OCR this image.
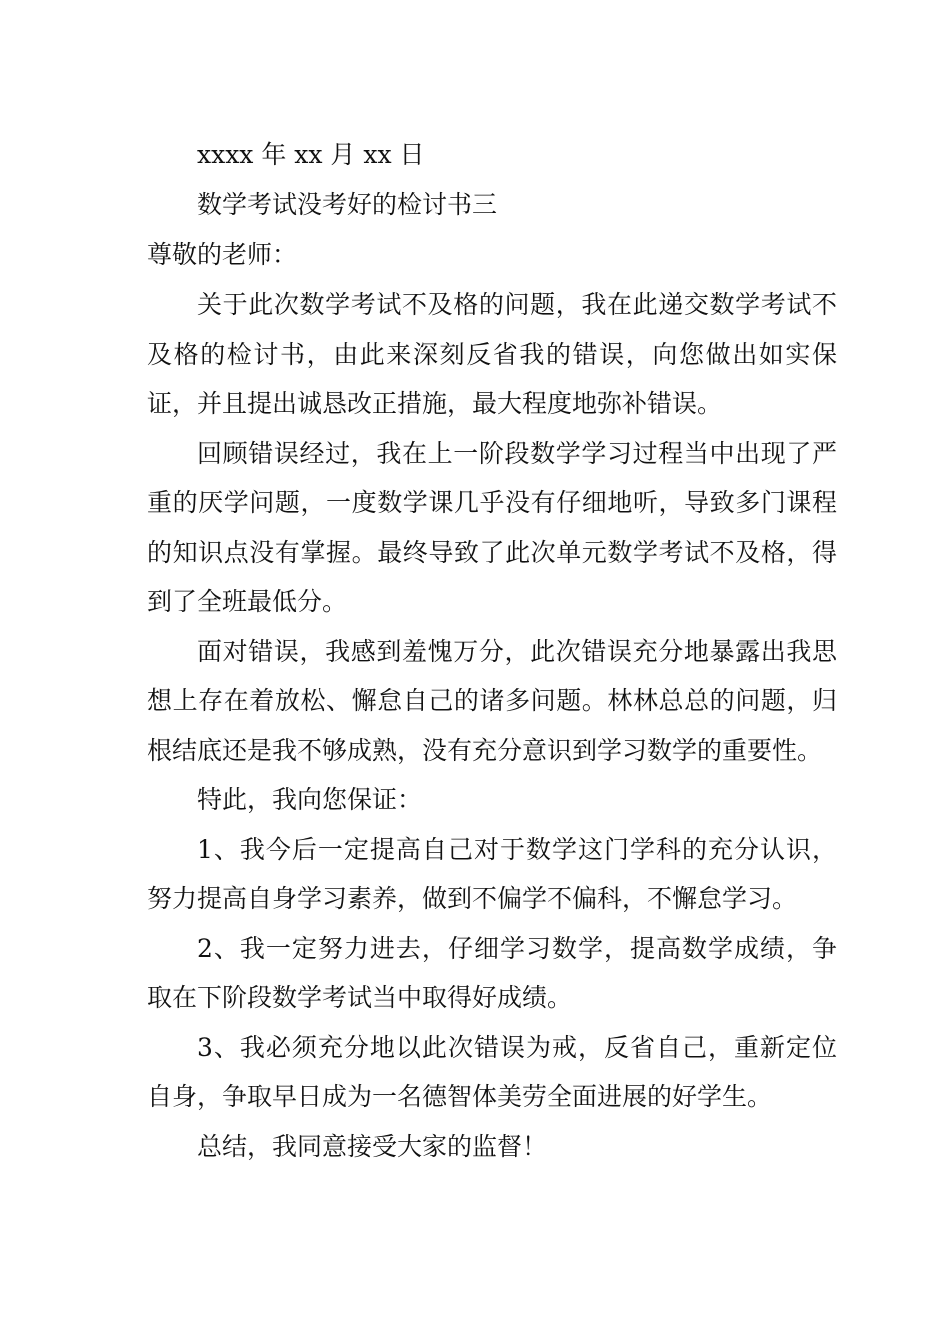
xxxx 年 xx 月 xx 日
数学考试没考好的检讨书三
尊敬的老师：

关于此次数学考试不及格的问题，我在此递交数学考试不及格的检讨书，由此来深刻反省我的错误，向您做出如实保证，并且提出诚恳改正措施，最大程度地弥补错误。

回顾错误经过，我在上一阶段数学学习过程当中出现了严重的厌学问题，一度数学课几乎没有仔细地听，导致多门课程的知识点没有掌握。最终导致了此次单元数学考试不及格，得到了全班最低分。

面对错误，我感到羞愧万分，此次错误充分地暴露出我思想上存在着放松、懈怠自己的诸多问题。林林总总的问题，归根结底还是我不够成熟，没有充分意识到学习数学的重要性。

特此，我向您保证：

1、我今后一定提高自己对于数学这门学科的充分认识，努力提高自身学习素养，做到不偏学不偏科，不懈怠学习。

2、我一定努力进去，仔细学习数学，提高数学成绩，争取在下阶段数学考试当中取得好成绩。

3、我必须充分地以此次错误为戒，反省自己，重新定位自身，争取早日成为一名德智体美劳全面进展的好学生。

总结，我同意接受大家的监督！
